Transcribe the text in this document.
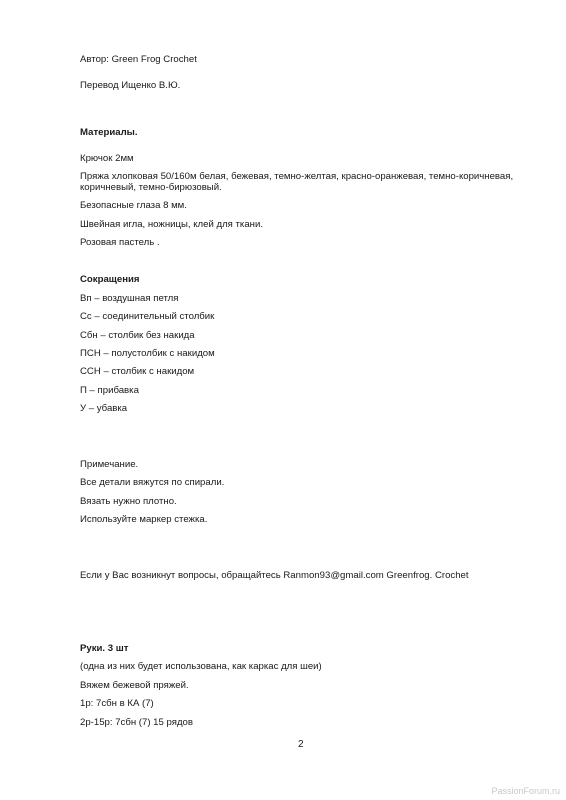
Автор: Green Frog Crochet
Перевод Ищенко В.Ю.
Материалы.
Крючок 2мм
Пряжа хлопковая 50/160м белая, бежевая, темно-желтая, красно-оранжевая, темно-коричневая,
коричневый, темно-бирюзовый.
Безопасные глаза 8 мм.
Швейная игла, ножницы, клей для ткани.
Розовая пастель .
Сокращения
Вп – воздушная петля
Сс – соединительный столбик
Сбн – столбик без накида
ПСН – полустолбик с накидом
ССН – столбик с накидом
П – прибавка
У – убавка
Примечание.
Все детали вяжутся по спирали.
Вязать нужно плотно.
Используйте маркер стежка.
Если у Вас возникнут вопросы, обращайтесь Ranmon93@gmail.com Greenfrog. Crochet
Руки. 3 шт
(одна из них будет использована, как каркас для шеи)
Вяжем бежевой пряжей.
1р: 7сбн в КА (7)
2р-15р: 7сбн (7) 15 рядов
2
PassionForum.ru
